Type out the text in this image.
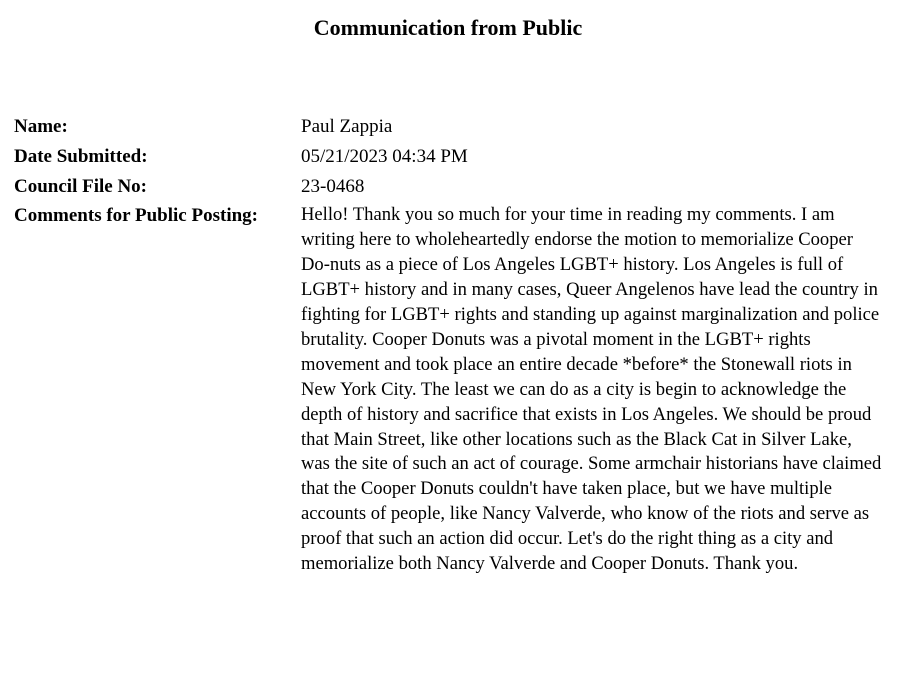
Communication from Public
Name:	Paul Zappia
Date Submitted:	05/21/2023 04:34 PM
Council File No:	23-0468
Comments for Public Posting:	Hello! Thank you so much for your time in reading my comments. I am writing here to wholeheartedly endorse the motion to memorialize Cooper Do-nuts as a piece of Los Angeles LGBT+ history. Los Angeles is full of LGBT+ history and in many cases, Queer Angelenos have lead the country in fighting for LGBT+ rights and standing up against marginalization and police brutality. Cooper Donuts was a pivotal moment in the LGBT+ rights movement and took place an entire decade *before* the Stonewall riots in New York City. The least we can do as a city is begin to acknowledge the depth of history and sacrifice that exists in Los Angeles. We should be proud that Main Street, like other locations such as the Black Cat in Silver Lake, was the site of such an act of courage. Some armchair historians have claimed that the Cooper Donuts couldn't have taken place, but we have multiple accounts of people, like Nancy Valverde, who know of the riots and serve as proof that such an action did occur. Let's do the right thing as a city and memorialize both Nancy Valverde and Cooper Donuts. Thank you.
